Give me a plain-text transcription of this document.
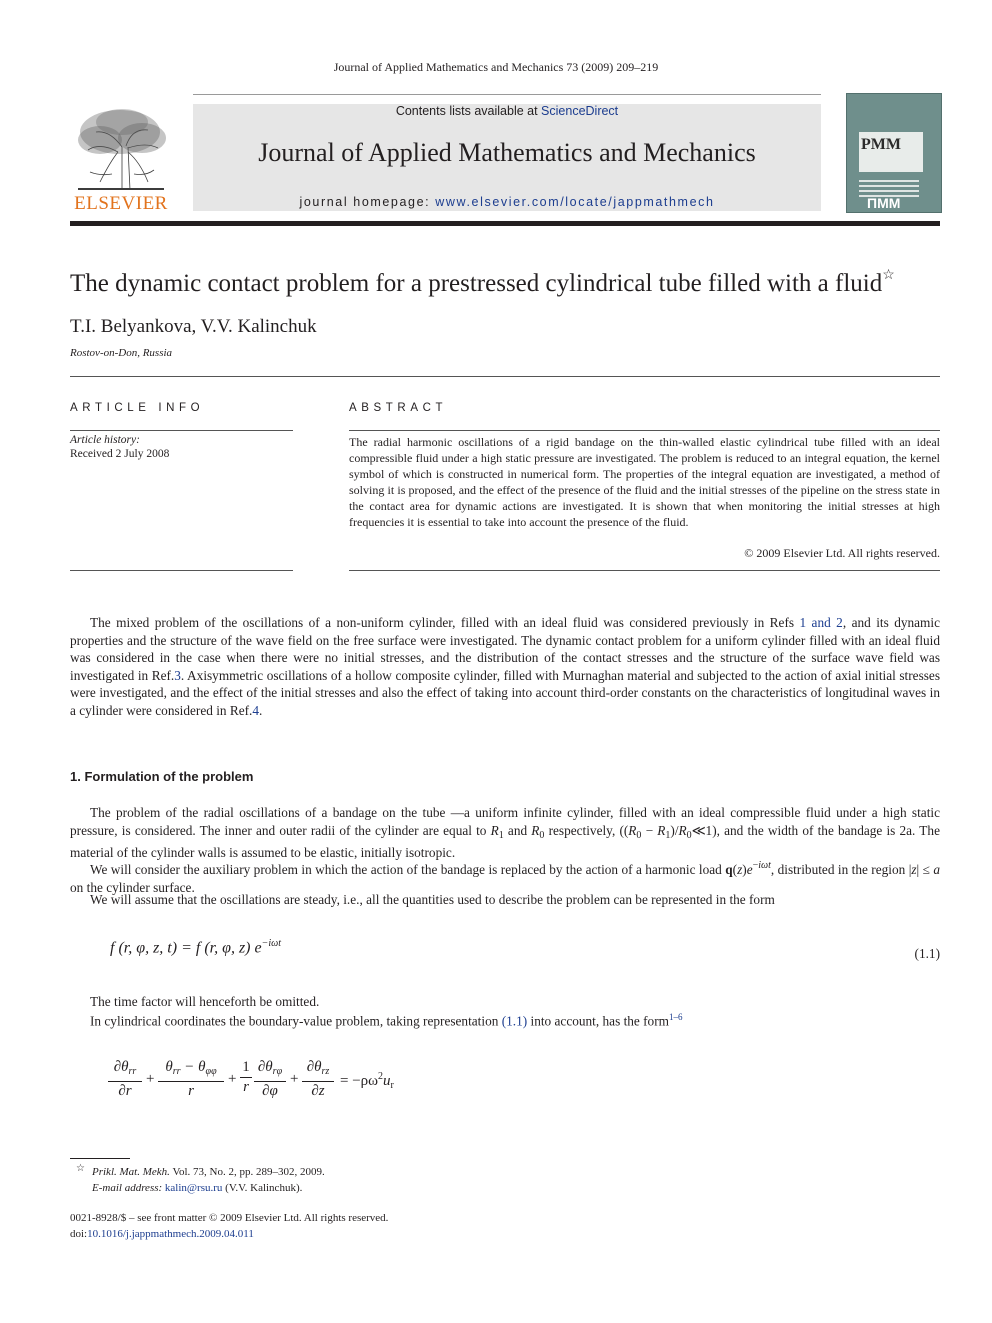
Journal of Applied Mathematics and Mechanics 73 (2009) 209–219
ELSEVIER
Contents lists available at ScienceDirect
Journal of Applied Mathematics and Mechanics
journal homepage: www.elsevier.com/locate/jappmathmech
PMM
ПММ
The dynamic contact problem for a prestressed cylindrical tube filled with a fluid☆
T.I. Belyankova, V.V. Kalinchuk
Rostov-on-Don, Russia
ARTICLE INFO	ABSTRACT
Article history:
Received 2 July 2008
The radial harmonic oscillations of a rigid bandage on the thin-walled elastic cylindrical tube filled with an ideal compressible fluid under a high static pressure are investigated. The problem is reduced to an integral equation, the kernel symbol of which is constructed in numerical form. The properties of the integral equation are investigated, a method of solving it is proposed, and the effect of the presence of the fluid and the initial stresses of the pipeline on the stress state in the contact area for dynamic actions are investigated. It is shown that when monitoring the initial stresses at high frequencies it is essential to take into account the presence of the fluid.
© 2009 Elsevier Ltd. All rights reserved.
The mixed problem of the oscillations of a non-uniform cylinder, filled with an ideal fluid was considered previously in Refs 1 and 2, and its dynamic properties and the structure of the wave field on the free surface were investigated. The dynamic contact problem for a uniform cylinder filled with an ideal fluid was considered in the case when there were no initial stresses, and the distribution of the contact stresses and the structure of the surface wave field was investigated in Ref.3. Axisymmetric oscillations of a hollow composite cylinder, filled with Murnaghan material and subjected to the action of axial initial stresses were investigated, and the effect of the initial stresses and also the effect of taking into account third-order constants on the characteristics of longitudinal waves in a cylinder were considered in Ref.4.
1. Formulation of the problem
The problem of the radial oscillations of a bandage on the tube —a uniform infinite cylinder, filled with an ideal compressible fluid under a high static pressure, is considered. The inner and outer radii of the cylinder are equal to $R_1$ and $R_0$ respectively, (($R_0$ − $R_1)/R_0≪1$), and the width of the bandage is 2a. The material of the cylinder walls is assumed to be elastic, initially isotropic.
We will consider the auxiliary problem in which the action of the bandage is replaced by the action of a harmonic load $q(z)e^{-i\omega t}$, distributed in the region |z| ≤ a on the cylinder surface.
We will assume that the oscillations are steady, i.e., all the quantities used to describe the problem can be represented in the form
f (r, φ, z, t) = f (r, φ, z) $e^{-i\omega t}$
(1.1)
The time factor will henceforth be omitted.
In cylindrical coordinates the boundary-value problem, taking representation (1.1) into account, has the form$^{1-6}$
$\partial\theta_{rr}$
∂r
+
$\theta_{rr} - \theta_{\varphi\varphi}$
r
+ $\frac{1}{r} \partial\theta_{r\varphi}$
∂φ
+
$\partial\theta_{rz}$
∂z
= $-\rho\omega^2u_r$
☆ Prikl. Mat. Mekh. Vol. 73, No. 2, pp. 289–302, 2009.
E-mail address: kalin@rsu.ru (V.V. Kalinchuk).
0021-8928/$ – see front matter © 2009 Elsevier Ltd. All rights reserved.
doi:10.1016/j.jappmathmech.2009.04.011
